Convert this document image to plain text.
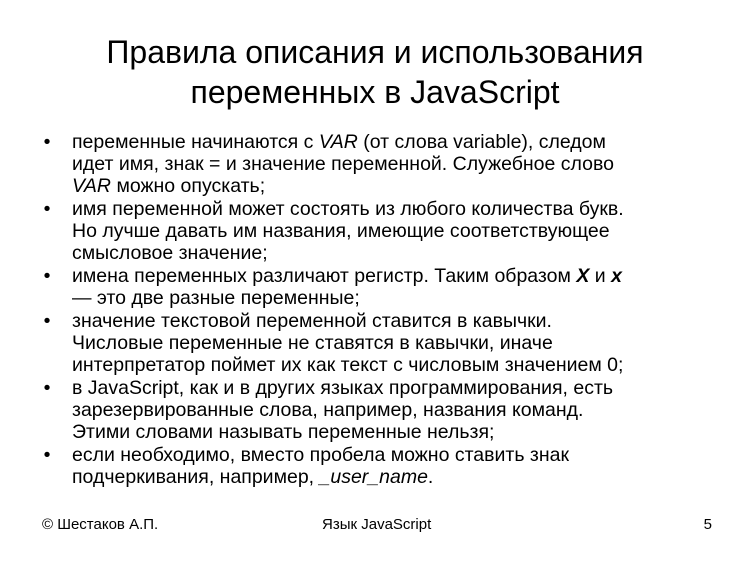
Правила описания и использования
переменных в JavaScript
• переменные начинаются с VAR (от слова variable), следом
идет имя, знак = и значение переменной. Служебное слово
VAR можно опускать;
• имя переменной может состоять из любого количества букв.
Но лучше давать им названия, имеющие соответствующее
смысловое значение;
• имена переменных различают регистр. Таким образом X и x
— это две разные переменные;
• значение текстовой переменной ставится в кавычки.
Числовые переменные не ставятся в кавычки, иначе
интерпретатор поймет их как текст с числовым значением 0;
• в JavaScript, как и в других языках программирования, есть
зарезервированные слова, например, названия команд.
Этими словами называть переменные нельзя;
• если необходимо, вместо пробела можно ставить знак
подчеркивания, например, _user_name.
© Шестаков А.П.	Язык JavaScript	5
